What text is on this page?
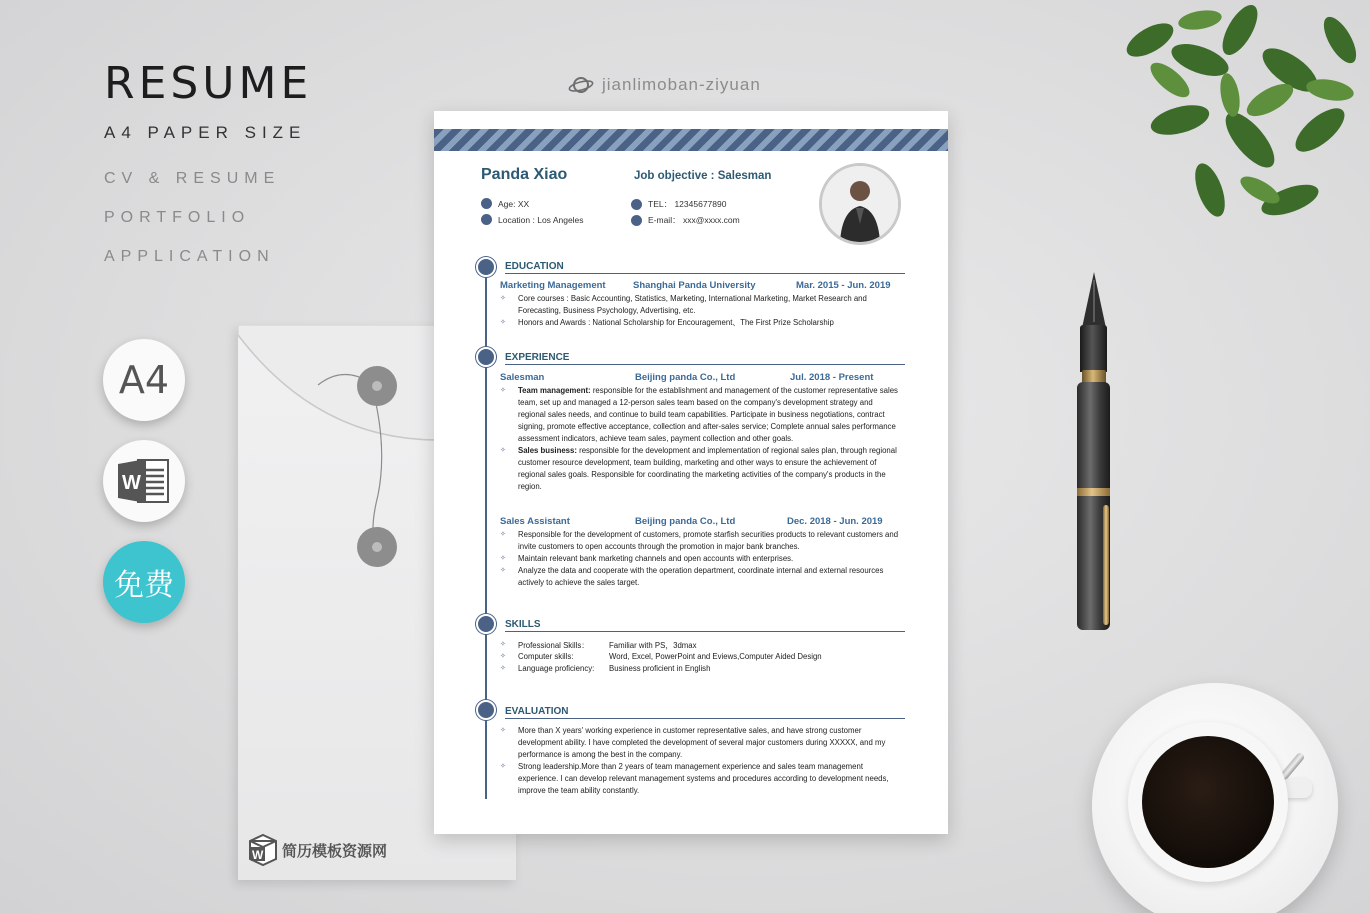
RESUME
A4 PAPER SIZE
CV & RESUME
PORTFOLIO
APPLICATION
A4
W
免费
W 简历模板资源网
jianlimoban-ziyuan
Panda Xiao	Job objective : Salesman
Age: XX
Location : Los Angeles
TEL： 12345677890
E-mail： xxx@xxxx.com
EDUCATION
Marketing Management	Shanghai Panda University	Mar. 2015 - Jun. 2019
✧ Core courses : Basic Accounting, Statistics, Marketing, International Marketing, Market Research and Forecasting, Business Psychology, Advertising, etc.
✧ Honors and Awards : National Scholarship for Encouragement、The First Prize Scholarship
EXPERIENCE
Salesman	Beijing panda Co., Ltd	Jul. 2018 - Present
✧ Team management: responsible for the establishment and management of the customer representative sales team, set up and managed a 12-person sales team based on the company's development strategy and regional sales needs, and continue to build team capabilities. Participate in business negotiations, contract signing, promote effective acceptance, collection and after-sales service; Complete annual sales performance assessment indicators, achieve team sales, payment collection and other goals.
✧ Sales business: responsible for the development and implementation of regional sales plan, through regional customer resource development, team building, marketing and other ways to ensure the achievement of regional sales goals. Responsible for coordinating the marketing activities of the company's products in the region.
Sales Assistant	Beijing panda Co., Ltd	Dec. 2018 - Jun. 2019
✧ Responsible for the development of customers, promote starfish securities products to relevant customers and invite customers to open accounts through the promotion in major bank branches.
✧ Maintain relevant bank marketing channels and open accounts with enterprises.
✧ Analyze the data and cooperate with the operation department, coordinate internal and external resources actively to achieve the sales target.
SKILLS
✧ Professional Skills：	Familiar with PS，3dmax
✧ Computer skills:	Word, Excel, PowerPoint and Eviews,Computer Aided Design
✧ Language proficiency:	Business proficient in English
EVALUATION
✧ More than X years' working experience in customer representative sales, and have strong customer development ability. I have completed the development of several major customers during XXXXX, and my performance is among the best in the company.
✧ Strong leadership.More than 2 years of team management experience and sales team management experience. I can develop relevant management systems and procedures according to development needs, improve the team ability constantly.
